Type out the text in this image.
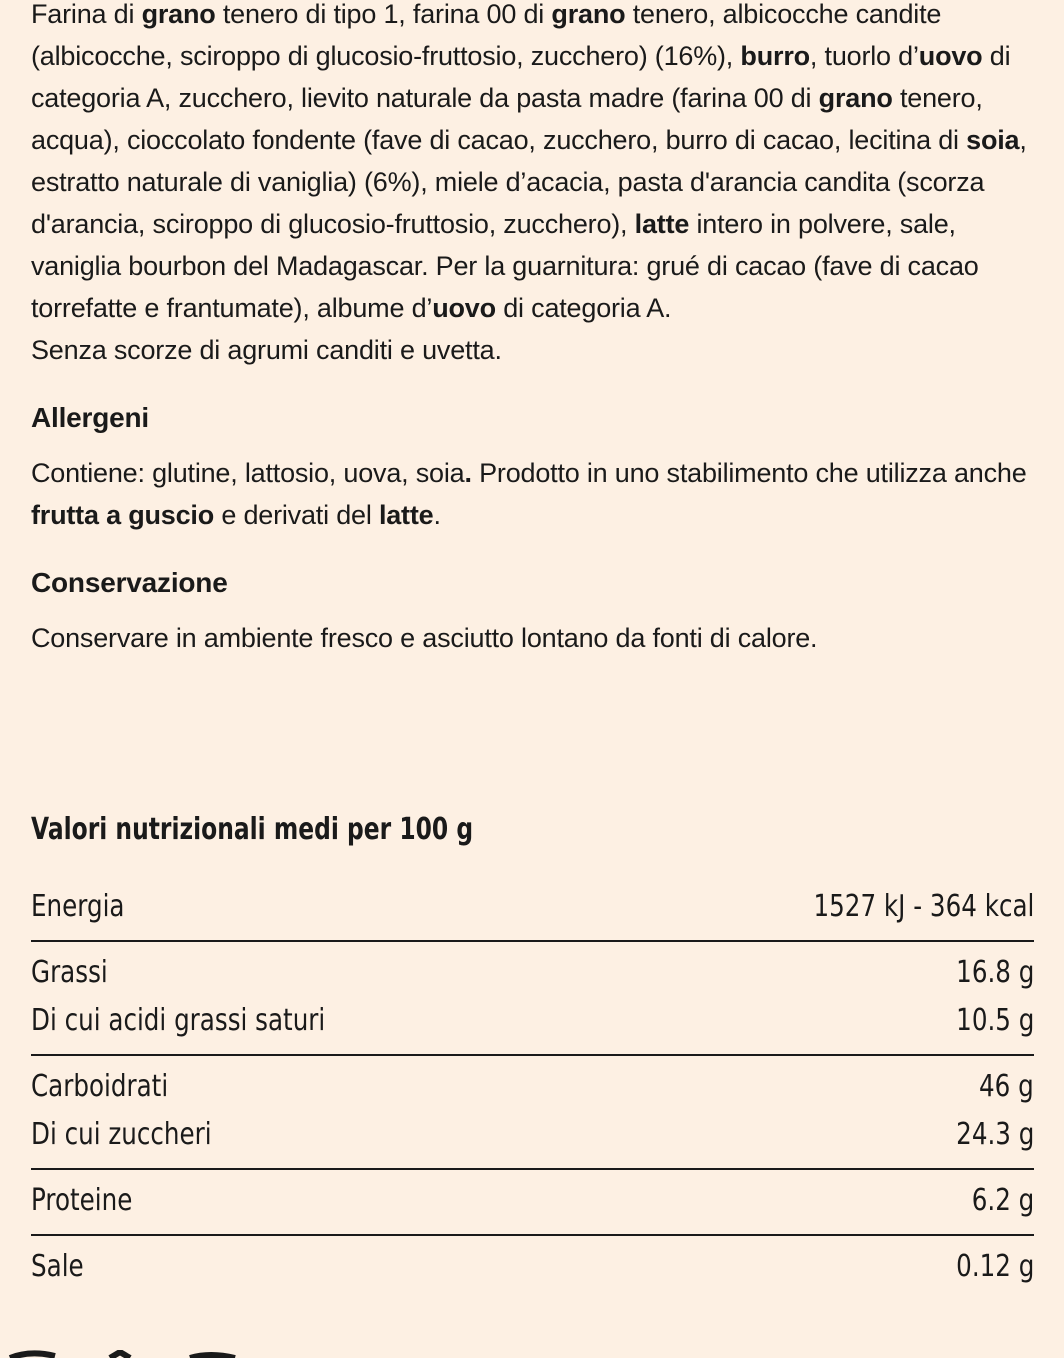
Farina di grano tenero di tipo 1, farina 00 di grano tenero, albicocche candite (albicocche, sciroppo di glucosio-fruttosio, zucchero) (16%), burro, tuorlo d’uovo di categoria A, zucchero, lievito naturale da pasta madre (farina 00 di grano tenero, acqua), cioccolato fondente (fave di cacao, zucchero, burro di cacao, lecitina di soia, estratto naturale di vaniglia) (6%), miele d’acacia, pasta d'arancia candita (scorza d'arancia, sciroppo di glucosio-fruttosio, zucchero), latte intero in polvere, sale, vaniglia bourbon del Madagascar. Per la guarnitura: grué di cacao (fave di cacao torrefatte e frantumate), albume d’uovo di categoria A.

Senza scorze di agrumi canditi e uvetta.

Allergeni

Contiene: glutine, lattosio, uova, soia. Prodotto in uno stabilimento che utilizza anche frutta a guscio e derivati del latte.

Conservazione

Conservare in ambiente fresco e asciutto lontano da fonti di calore.

Valori nutrizionali medi per 100 g
Energia	1527 kJ - 364 kcal
Grassi	16.8 g
Di cui acidi grassi saturi	10.5 g
Carboidrati	46 g
Di cui zuccheri	24.3 g
Proteine	6.2 g
Sale	0.12 g
